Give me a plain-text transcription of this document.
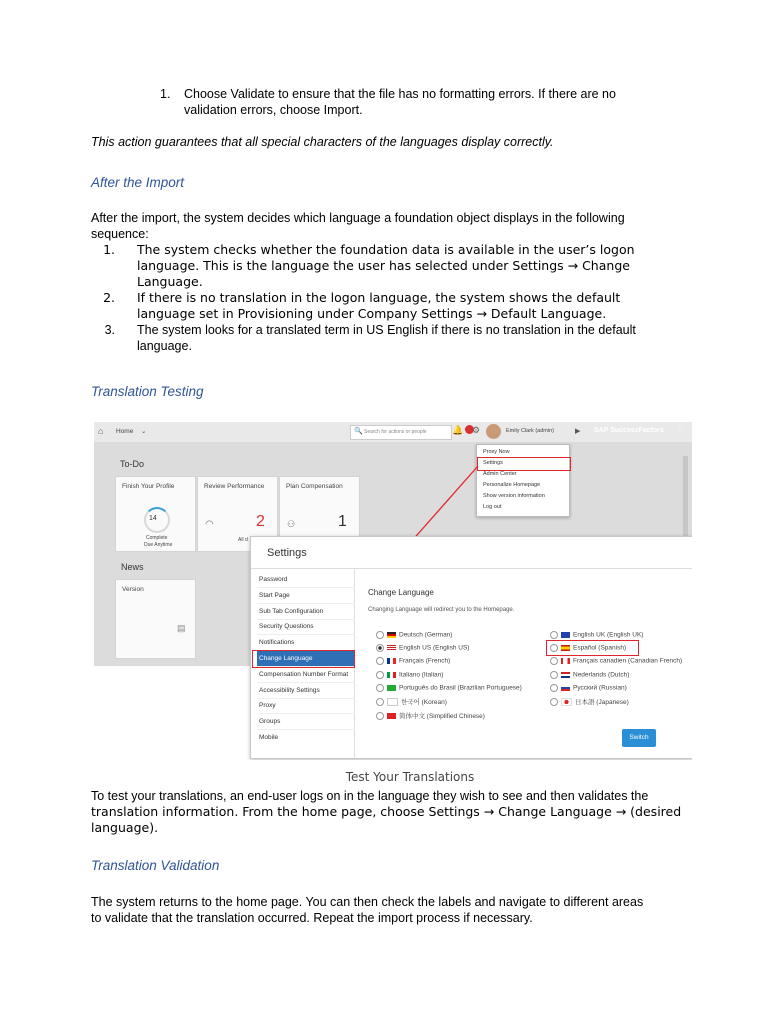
1. Choose Validate to ensure that the file has no formatting errors. If there are no
validation errors, choose Import.
This action guarantees that all special characters of the languages display correctly.
After the Import
After the import, the system decides which language a foundation object displays in the following
sequence:
1. The system checks whether the foundation data is available in the user’s logon
language. This is the language the user has selected under Settings → Change
Language.
2. If there is no translation in the logon language, the system shows the default
language set in Provisioning under Company Settings → Default Language.
3. The system looks for a translated term in US English if there is no translation in the default
language.
Translation Testing
⌂ Home ⌄	🔍 Search for actions or people	🔔 ⚙	Emily Clark (admin)	▶ SAP SuccessFactors ♡
To-Do
Finish Your Profile
14
Complete
Due Anytime
Review Performance
◠	2
All d
Plan Compensation
⚇	1
News
Version
▤
Proxy Now
Settings
Admin Center
Personalize Homepage
Show version information
Log out
Settings
Password
Start Page
Sub Tab Configuration
Security Questions
Notifications
Change Language
Compensation Number Format
Accessibility Settings
Proxy
Groups
Mobile
Change Language
Changing Language will redirect you to the Homepage.
Deutsch (German)
English US (English US)
Français (French)
Italiano (Italian)
Português do Brasil (Brazilian Portuguese)
한국어 (Korean)
简体中文 (Simplified Chinese)
English UK (English UK)
Español (Spanish)
Français canadien (Canadian French)
Nederlands (Dutch)
Русский (Russian)
日本語 (Japanese)
Switch
Test Your Translations
To test your translations, an end-user logs on in the language they wish to see and then validates the
translation information. From the home page, choose Settings → Change Language → (desired
language).
Translation Validation
The system returns to the home page. You can then check the labels and navigate to different areas
to validate that the translation occurred. Repeat the import process if necessary.
